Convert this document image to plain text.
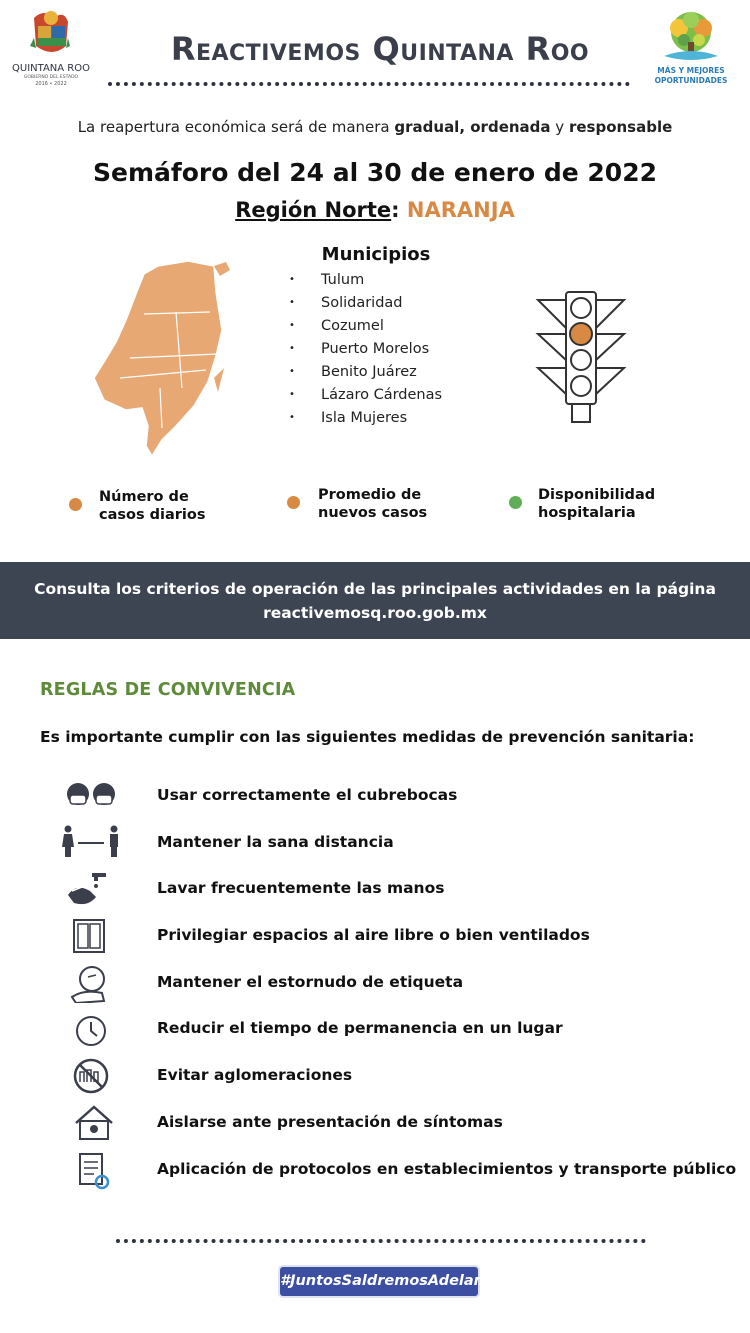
QUINTANA ROO
GOBIERNO DEL ESTADO
2016 • 2022
Reactivemos Quintana Roo
MÁS Y MEJORES
OPORTUNIDADES
La reapertura económica será de manera gradual, ordenada y responsable
Semáforo del 24 al 30 de enero de 2022
Región Norte: NARANJA
Municipios
•	Tulum
•	Solidaridad
•	Cozumel
•	Puerto Morelos
•	Benito Juárez
•	Lázaro Cárdenas
•	Isla Mujeres
Número de
casos diarios
Promedio de
nuevos casos
Disponibilidad
hospitalaria
Consulta los criterios de operación de las principales actividades en la página
reactivemosq.roo.gob.mx
REGLAS DE CONVIVENCIA
Es importante cumplir con las siguientes medidas de prevención sanitaria:
Usar correctamente el cubrebocas
Mantener la sana distancia
Lavar frecuentemente las manos
Privilegiar espacios al aire libre o bien ventilados
Mantener el estornudo de etiqueta
Reducir el tiempo de permanencia en un lugar
Evitar aglomeraciones
Aislarse ante presentación de síntomas
Aplicación de protocolos en establecimientos y transporte público
#JuntosSaldremosAdelante
